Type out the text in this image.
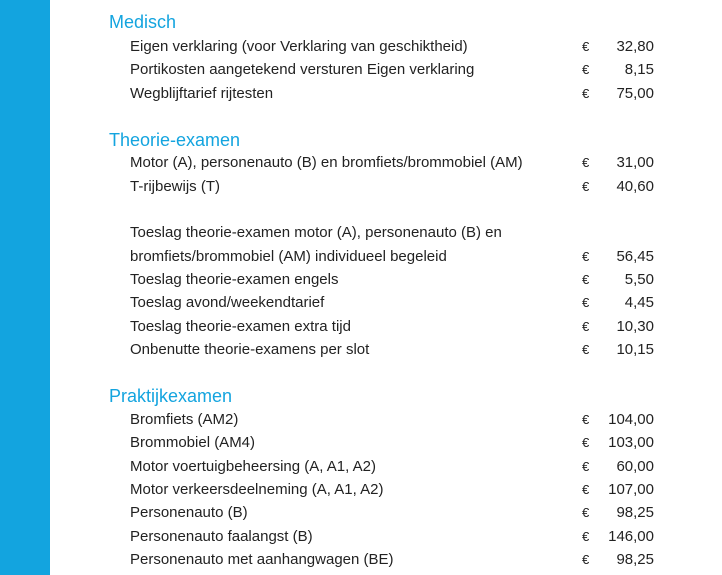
Medisch
Eigen verklaring (voor Verklaring van geschiktheid)	€ 32,80
Portikosten aangetekend versturen Eigen verklaring	€ 8,15
Wegblijftarief rijtesten	€ 75,00
Theorie-examen
Motor (A), personenauto (B) en bromfiets/brommobiel (AM)	€ 31,00
T-rijbewijs (T)	€ 40,60
Toeslag theorie-examen motor (A), personenauto (B) en
bromfiets/brommobiel (AM) individueel begeleid	€ 56,45
Toeslag theorie-examen engels	€ 5,50
Toeslag avond/weekendtarief	€ 4,45
Toeslag theorie-examen extra tijd	€ 10,30
Onbenutte theorie-examens per slot	€ 10,15
Praktijkexamen
Bromfiets (AM2)	€ 104,00
Brommobiel (AM4)	€ 103,00
Motor voertuigbeheersing (A, A1, A2)	€ 60,00
Motor verkeersdeelneming (A, A1, A2)	€ 107,00
Personenauto (B)	€ 98,25
Personenauto faalangst (B)	€ 146,00
Personenauto met aanhangwagen (BE)	€ 98,25
